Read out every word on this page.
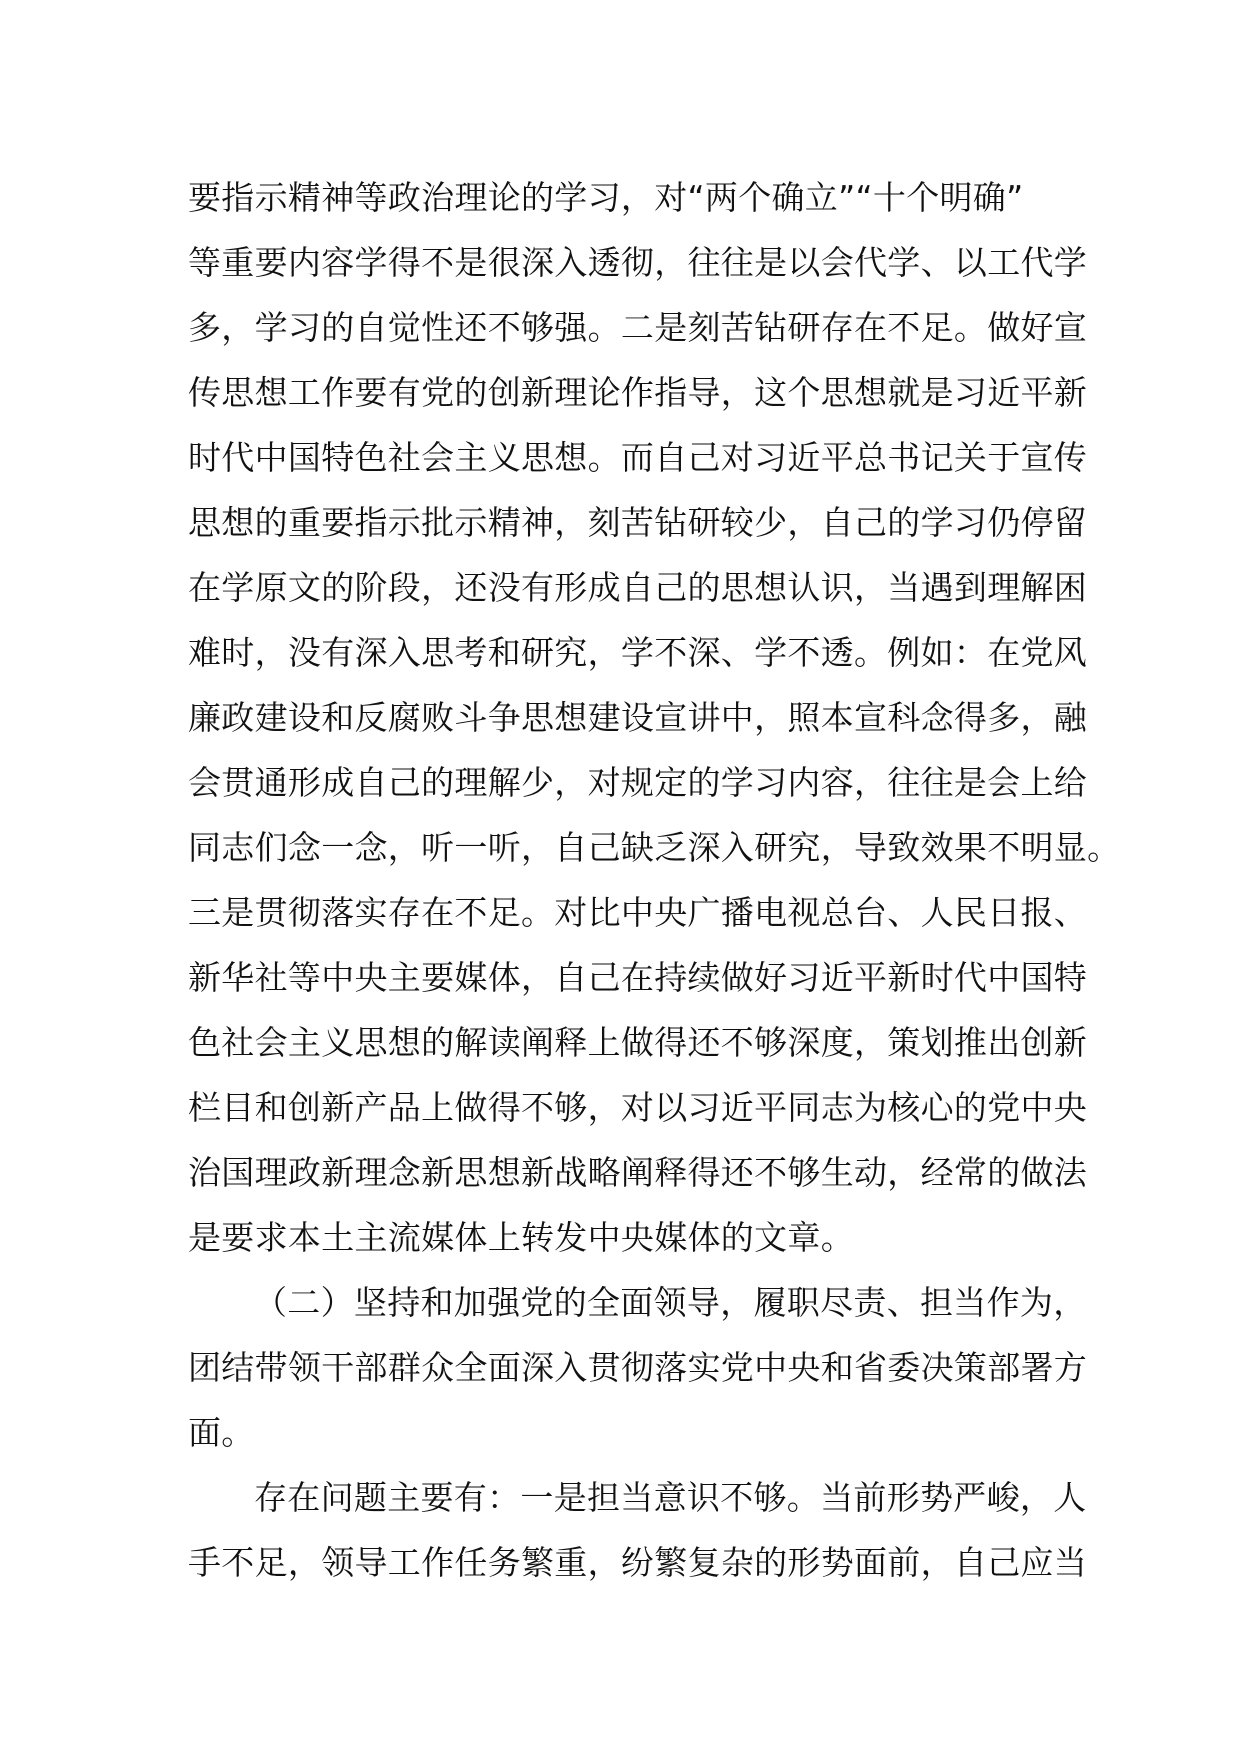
要指示精神等政治理论的学习，对“两个确立”“十个明确”
等重要内容学得不是很深入透彻，往往是以会代学、以工代学
多，学习的自觉性还不够强。二是刻苦钻研存在不足。做好宣
传思想工作要有党的创新理论作指导，这个思想就是习近平新
时代中国特色社会主义思想。而自己对习近平总书记关于宣传
思想的重要指示批示精神，刻苦钻研较少，自己的学习仍停留
在学原文的阶段，还没有形成自己的思想认识，当遇到理解困
难时，没有深入思考和研究，学不深、学不透。例如：在党风
廉政建设和反腐败斗争思想建设宣讲中，照本宣科念得多，融
会贯通形成自己的理解少，对规定的学习内容，往往是会上给
同志们念一念，听一听，自己缺乏深入研究，导致效果不明显。
三是贯彻落实存在不足。对比中央广播电视总台、人民日报、
新华社等中央主要媒体，自己在持续做好习近平新时代中国特
色社会主义思想的解读阐释上做得还不够深度，策划推出创新
栏目和创新产品上做得不够，对以习近平同志为核心的党中央
治国理政新理念新思想新战略阐释得还不够生动，经常的做法
是要求本土主流媒体上转发中央媒体的文章。
（二）坚持和加强党的全面领导，履职尽责、担当作为，
团结带领干部群众全面深入贯彻落实党中央和省委决策部署方
面。
存在问题主要有：一是担当意识不够。当前形势严峻，人
手不足，领导工作任务繁重，纷繁复杂的形势面前，自己应当
